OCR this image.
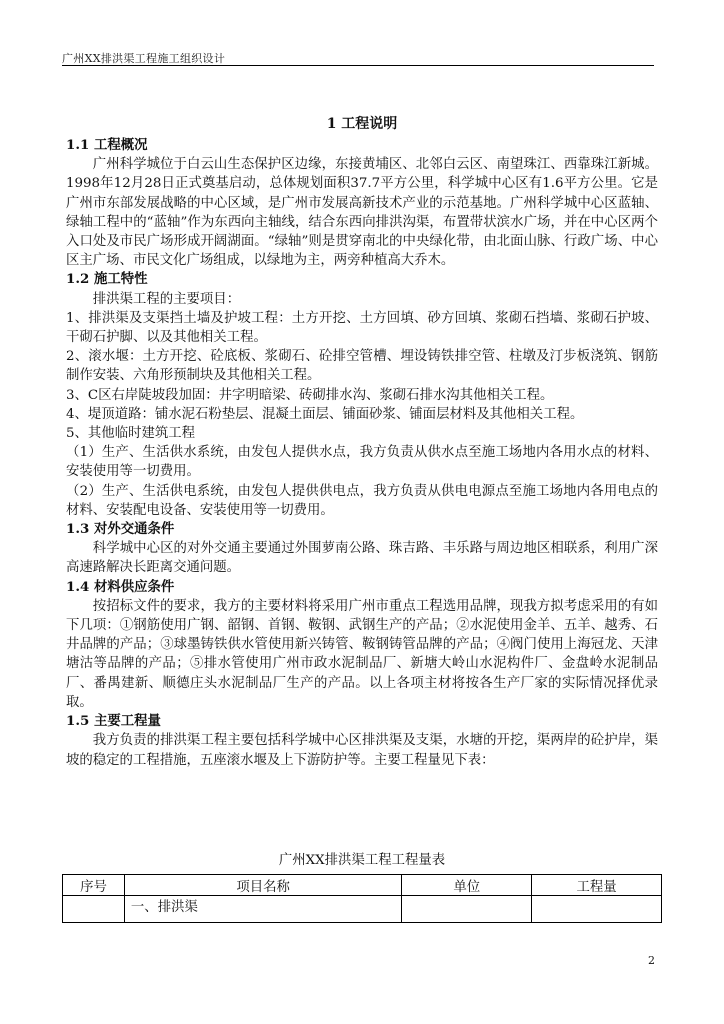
广州XX排洪渠工程施工组织设计
1 工程说明
1.1 工程概况

广州科学城位于白云山生态保护区边缘，东接黄埔区、北邻白云区、南望珠江、西靠珠江新城。1998年12月28日正式奠基启动，总体规划面积37.7平方公里，科学城中心区有1.6平方公里。它是广州市东部发展战略的中心区域，是广州市发展高新技术产业的示范基地。广州科学城中心区蓝轴、绿轴工程中的“蓝轴”作为东西向主轴线，结合东西向排洪沟渠，布置带状滨水广场，并在中心区两个入口处及市民广场形成开阔湖面。“绿轴”则是贯穿南北的中央绿化带，由北面山脉、行政广场、中心区主广场、市民文化广场组成，以绿地为主，两旁种植高大乔木。

1.2 施工特性

排洪渠工程的主要项目：

1、排洪渠及支渠挡土墙及护坡工程：土方开挖、土方回填、砂方回填、浆砌石挡墙、浆砌石护坡、干砌石护脚、以及其他相关工程。

2、滚水堰：土方开挖、砼底板、浆砌石、砼排空管槽、埋设铸铁排空管、柱墩及汀步板浇筑、钢筋制作安装、六角形预制块及其他相关工程。

3、C区右岸陡坡段加固：井字明暗梁、砖砌排水沟、浆砌石排水沟其他相关工程。

4、堤顶道路：铺水泥石粉垫层、混凝土面层、铺面砂浆、铺面层材料及其他相关工程。

5、其他临时建筑工程

（1）生产、生活供水系统，由发包人提供水点，我方负责从供水点至施工场地内各用水点的材料、安装使用等一切费用。

（2）生产、生活供电系统，由发包人提供供电点，我方负责从供电电源点至施工场地内各用电点的材料、安装配电设备、安装使用等一切费用。

1.3 对外交通条件

科学城中心区的对外交通主要通过外围萝南公路、珠吉路、丰乐路与周边地区相联系，利用广深高速路解决长距离交通问题。

1.4 材料供应条件

按招标文件的要求，我方的主要材料将采用广州市重点工程选用品牌，现我方拟考虑采用的有如下几项：①钢筋使用广钢、韶钢、首钢、鞍钢、武钢生产的产品；②水泥使用金羊、五羊、越秀、石井品牌的产品；③球墨铸铁供水管使用新兴铸管、鞍钢铸管品牌的产品；④阀门使用上海冠龙、天津塘沽等品牌的产品；⑤排水管使用广州市政水泥制品厂、新塘大岭山水泥构件厂、金盘岭水泥制品厂、番禺建新、顺德庄头水泥制品厂生产的产品。以上各项主材将按各生产厂家的实际情况择优录取。

1.5 主要工程量

我方负责的排洪渠工程主要包括科学城中心区排洪渠及支渠，水塘的开挖，渠两岸的砼护岸，渠坡的稳定的工程措施，五座滚水堰及上下游防护等。主要工程量见下表：

广州XX排洪渠工程工程量表
序号	项目名称	单位	工程量
	一、排洪渠		
2
